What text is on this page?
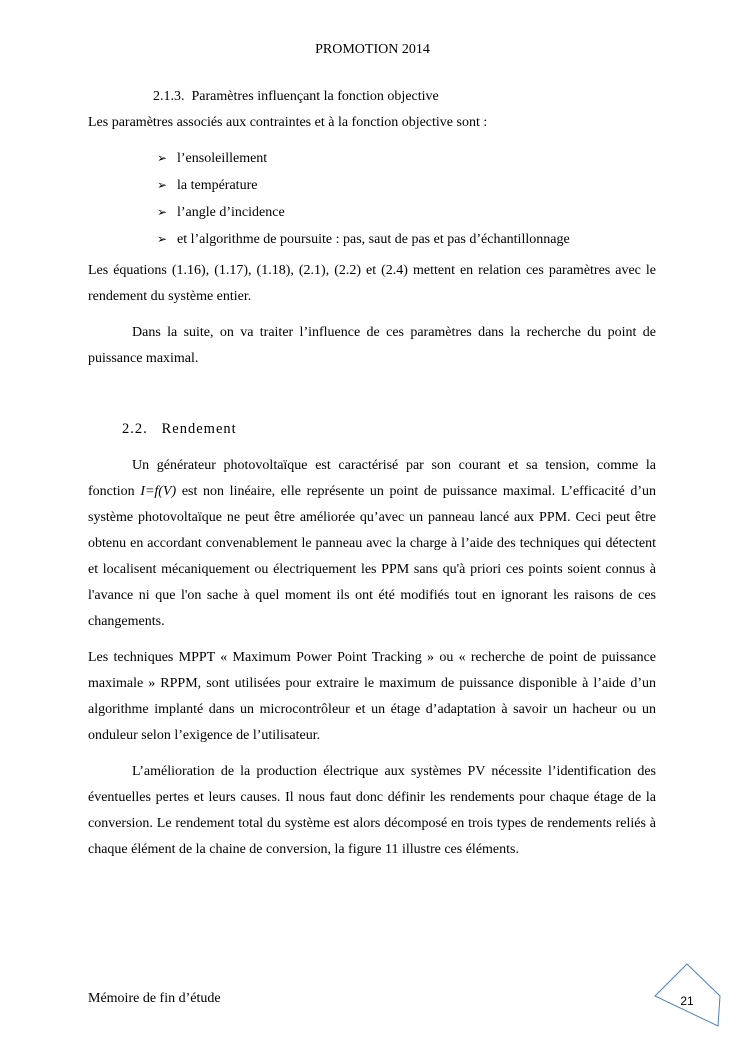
PROMOTION 2014
2.1.3. Paramètres influençant la fonction objective
Les paramètres associés aux contraintes et à la fonction objective sont :
➢ l’ensoleillement
➢ la température
➢ l’angle d’incidence
➢ et l’algorithme de poursuite : pas, saut de pas et pas d’échantillonnage
Les équations (1.16), (1.17), (1.18), (2.1), (2.2) et (2.4) mettent en relation ces paramètres avec le rendement du système entier.
Dans la suite, on va traiter l’influence de ces paramètres dans la recherche du point de puissance maximal.
2.2. Rendement
Un générateur photovoltaïque est caractérisé par son courant et sa tension, comme la fonction I=f(V) est non linéaire, elle représente un point de puissance maximal. L’efficacité d’un système photovoltaïque ne peut être améliorée qu’avec un panneau lancé aux PPM. Ceci peut être obtenu en accordant convenablement le panneau avec la charge à l’aide des techniques qui détectent et localisent mécaniquement ou électriquement les PPM sans qu'à priori ces points soient connus à l'avance ni que l'on sache à quel moment ils ont été modifiés tout en ignorant les raisons de ces changements.
Les techniques MPPT « Maximum Power Point Tracking » ou « recherche de point de puissance maximale » RPPM, sont utilisées pour extraire le maximum de puissance disponible à l’aide d’un algorithme implanté dans un microcontrôleur et un étage d’adaptation à savoir un hacheur ou un onduleur selon l’exigence de l’utilisateur.
L’amélioration de la production électrique aux systèmes PV nécessite l’identification des éventuelles pertes et leurs causes. Il nous faut donc définir les rendements pour chaque étage de la conversion. Le rendement total du système est alors décomposé en trois types de rendements reliés à chaque élément de la chaine de conversion, la figure 11 illustre ces éléments.
Mémoire de fin d’étude	21
